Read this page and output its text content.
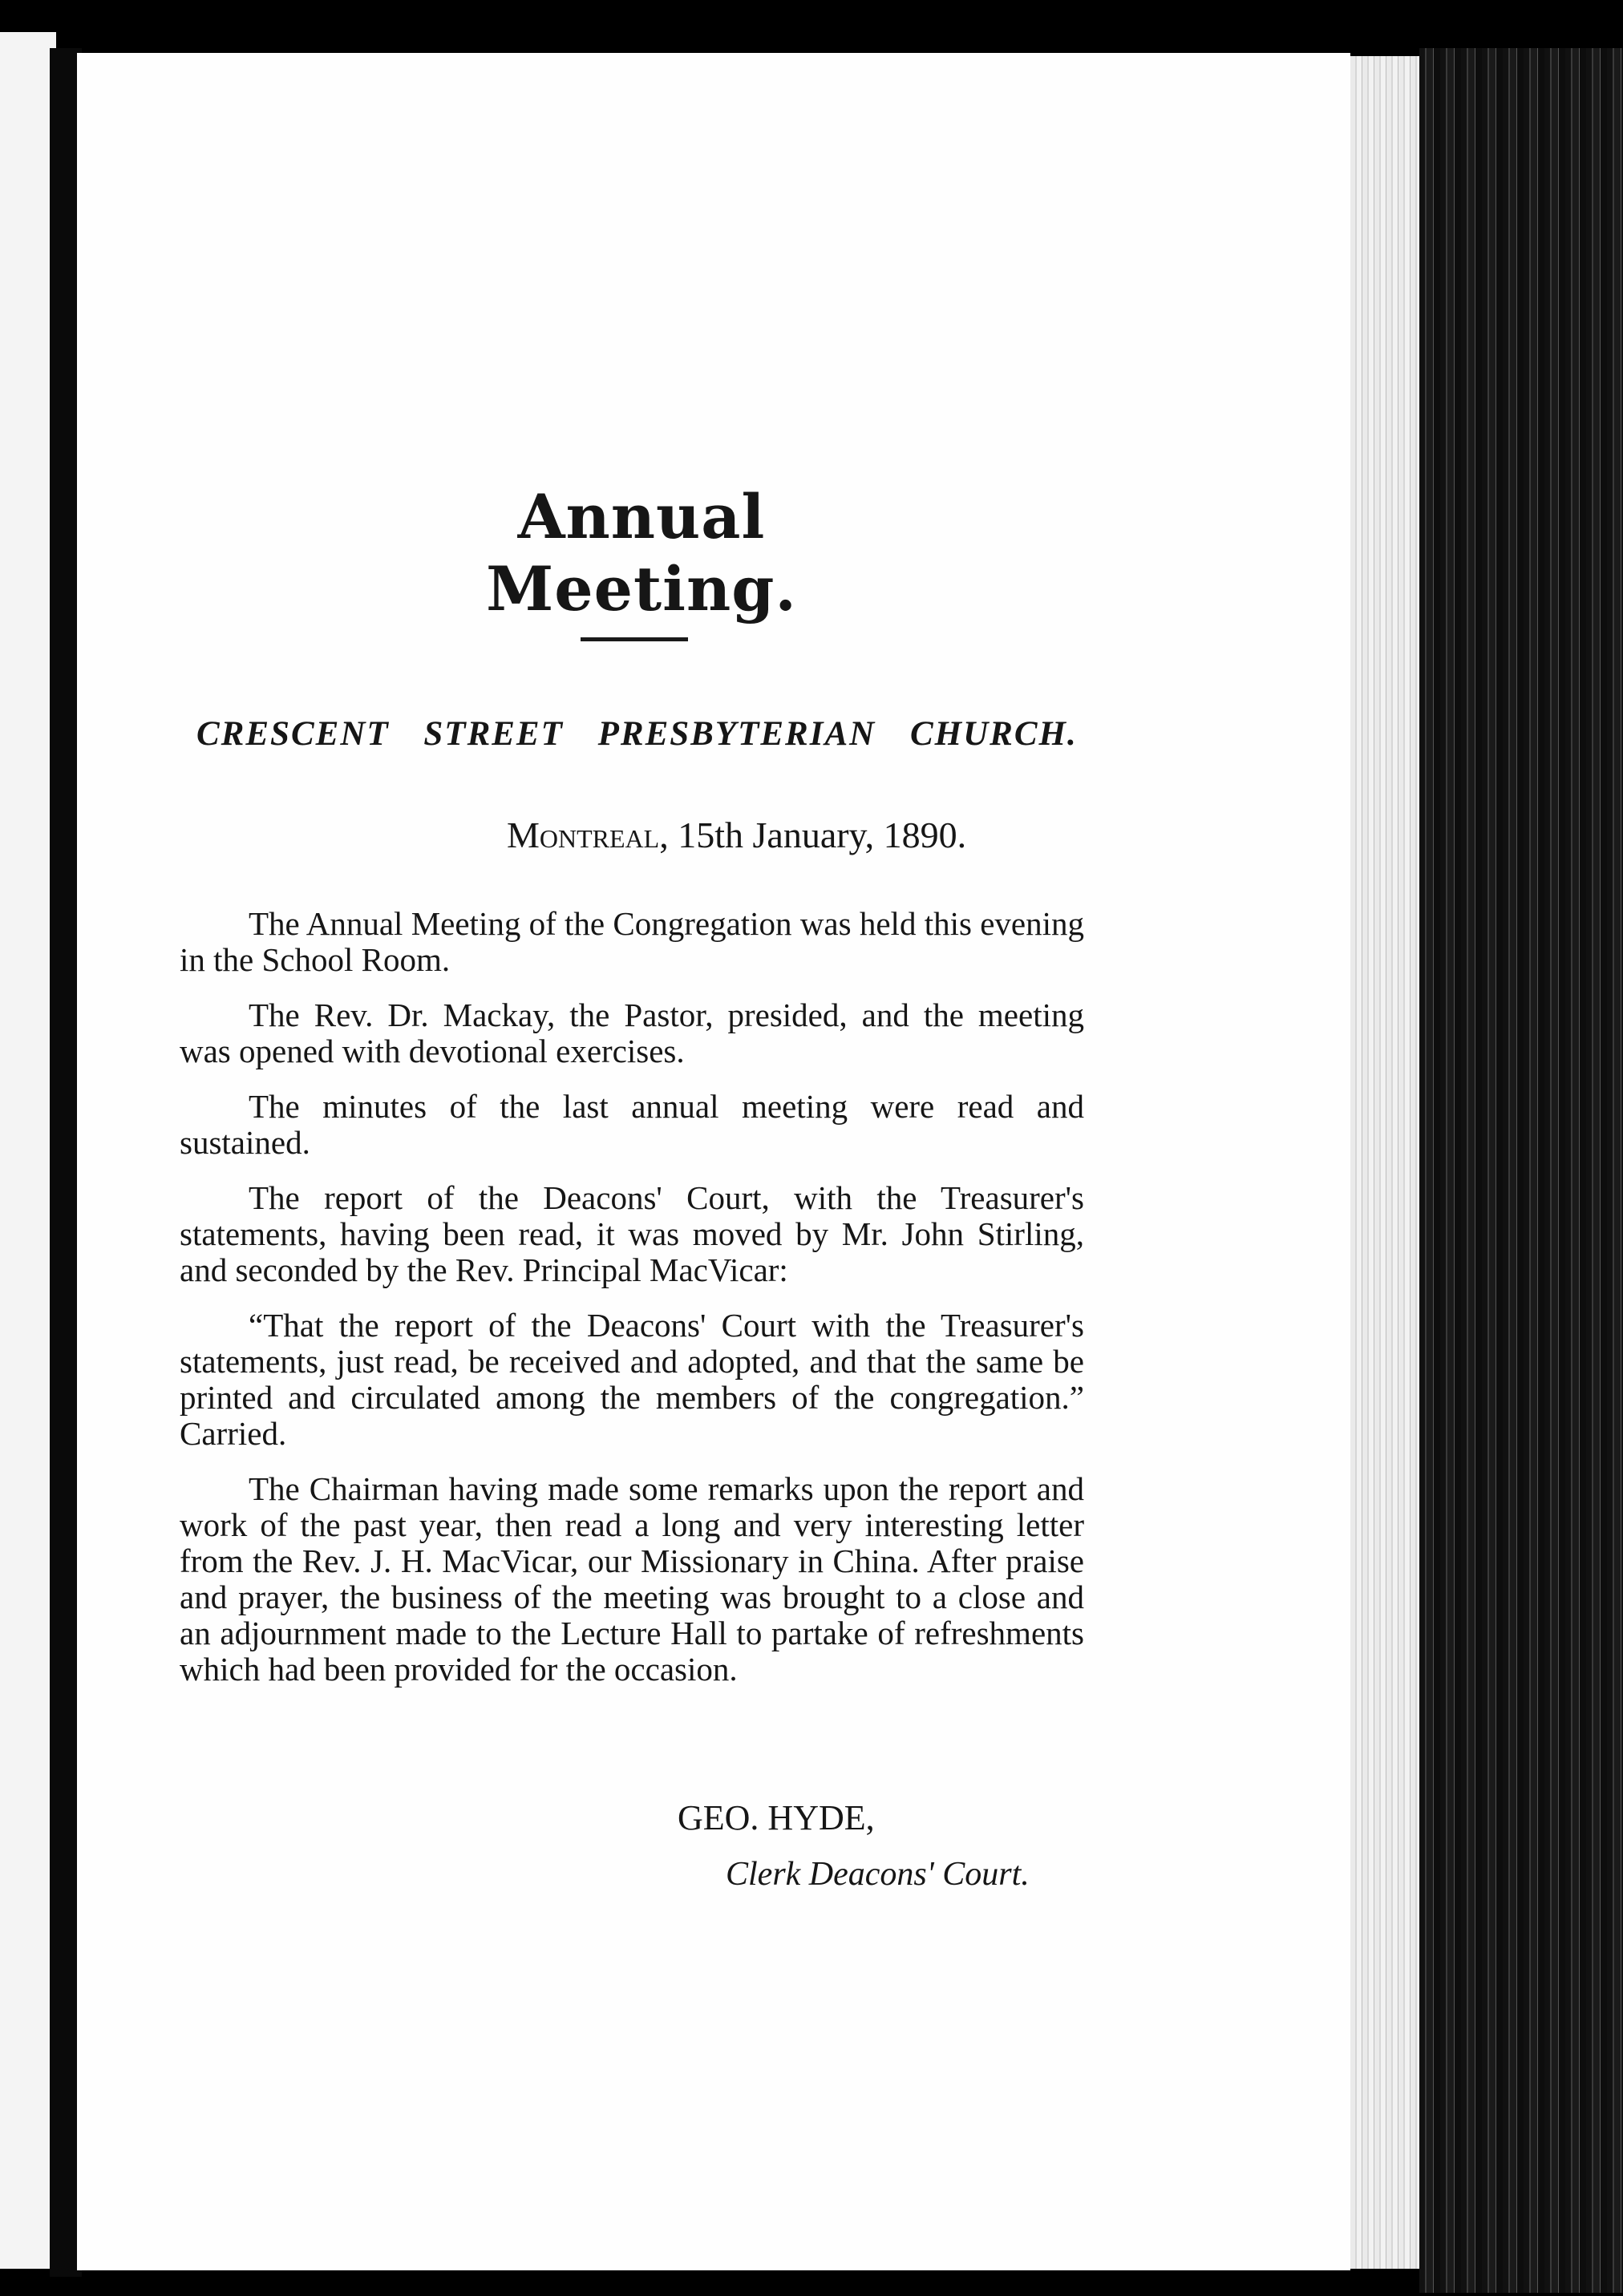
Annual Meeting.
CRESCENT STREET PRESBYTERIAN CHURCH.
Montreal, 15th January, 1890.

The Annual Meeting of the Congregation was held this evening in the School Room.

The Rev. Dr. Mackay, the Pastor, presided, and the meeting was opened with devotional exercises.

The minutes of the last annual meeting were read and sustained.

The report of the Deacons' Court, with the Treasurer's statements, having been read, it was moved by Mr. John Stirling, and seconded by the Rev. Principal MacVicar:

“That the report of the Deacons' Court with the Treasurer's statements, just read, be received and adopted, and that the same be printed and circulated among the members of the congregation.” Carried.

The Chairman having made some remarks upon the report and work of the past year, then read a long and very interesting letter from the Rev. J. H. MacVicar, our Missionary in China. After praise and prayer, the business of the meeting was brought to a close and an adjournment made to the Lecture Hall to partake of refreshments which had been provided for the occasion.

GEO. HYDE,
Clerk Deacons' Court.
